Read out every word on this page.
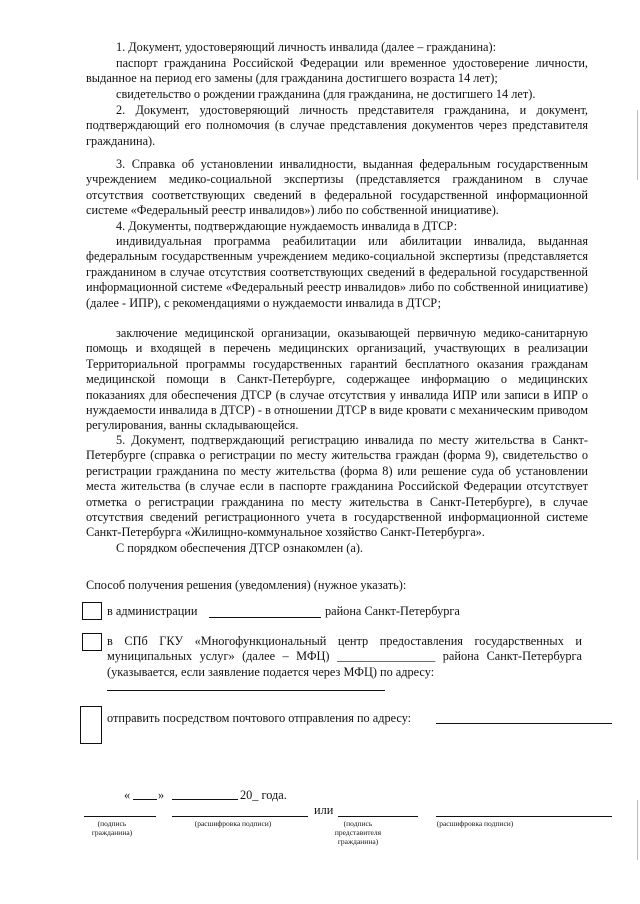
1. Документ, удостоверяющий личность инвалида (далее – гражданина):

паспорт гражданина Российской Федерации или временное удостоверение личности, выданное на период его замены (для гражданина достигшего возраста 14 лет);

свидетельство о рождении гражданина (для гражданина, не достигшего 14 лет).

2. Документ, удостоверяющий личность представителя гражданина, и документ, подтверждающий его полномочия (в случае представления документов через представителя гражданина).

3. Справка об установлении инвалидности, выданная федеральным государственным учреждением медико-социальной экспертизы (представляется гражданином в случае отсутствия соответствующих сведений в федеральной государственной информационной системе «Федеральный реестр инвалидов») либо по собственной инициативе).

4. Документы, подтверждающие нуждаемость инвалида в ДТСР:

индивидуальная программа реабилитации или абилитации инвалида, выданная федеральным государственным учреждением медико-социальной экспертизы (представляется гражданином в случае отсутствия соответствующих сведений в федеральной государственной информационной системе «Федеральный реестр инвалидов» либо по собственной инициативе) (далее - ИПР), с рекомендациями о нуждаемости инвалида в ДТСР;

заключение медицинской организации, оказывающей первичную медико-санитарную помощь и входящей в перечень медицинских организаций, участвующих в реализации Территориальной программы государственных гарантий бесплатного оказания гражданам медицинской помощи в Санкт-Петербурге, содержащее информацию о медицинских показаниях для обеспечения ДТСР (в случае отсутствия у инвалида ИПР или записи в ИПР о нуждаемости инвалида в ДТСР) - в отношении ДТСР в виде кровати с механическим приводом регулирования, ванны складывающейся.

5. Документ, подтверждающий регистрацию инвалида по месту жительства в Санкт-Петербурге (справка о регистрации по месту жительства граждан (форма 9), свидетельство о регистрации гражданина по месту жительства (форма 8) или решение суда об установлении места жительства (в случае если в паспорте гражданина Российской Федерации отсутствует отметка о регистрации гражданина по месту жительства в Санкт-Петербурге), в случае отсутствия сведений регистрационного учета в государственной информационной системе Санкт-Петербурга «Жилищно-коммунальное хозяйство Санкт-Петербурга».

С порядком обеспечения ДТСР ознакомлен (а).

Способ получения решения (уведомления) (нужное указать):
в администрации	района Санкт-Петербурга

в СПб ГКУ «Многофункциональный центр предоставления государственных и муниципальных услуг» (далее – МФЦ) ________________ района Санкт-Петербурга (указывается, если заявление подается через МФЦ) по адресу:

отправить посредством почтового отправления по адресу:
« »	20_ года.
или
(подпись гражданина)
(расшифровка подписи)	(подпись представителя гражданина)
(расшифровка подписи)
